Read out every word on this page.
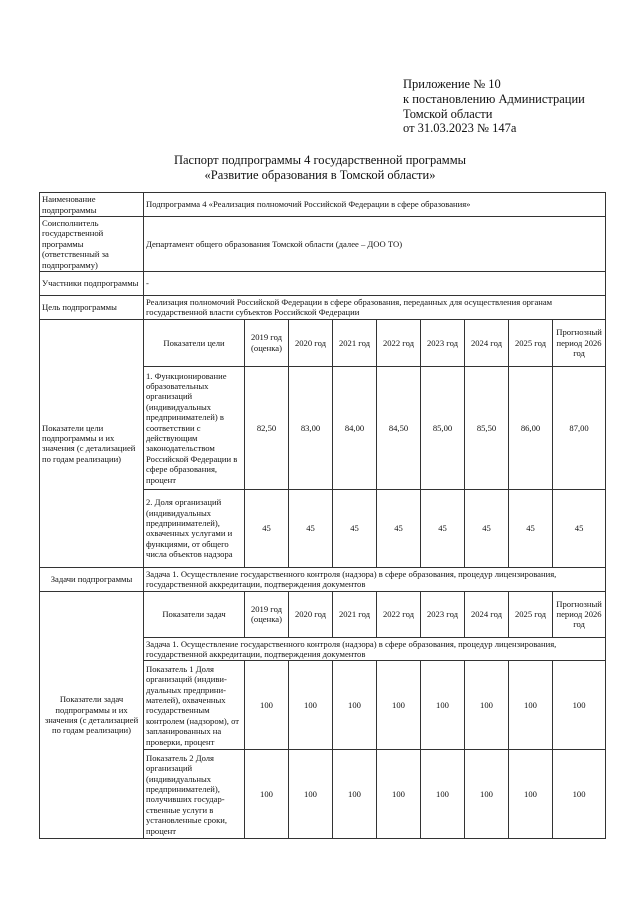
Приложение № 10
к постановлению Администрации
Томской области
от 31.03.2023 № 147а
Паспорт подпрограммы 4 государственной программы
«Развитие образования в Томской области»
Наименование подпрограммы	Подпрограмма 4 «Реализация полномочий Российской Федерации в сфере образования»								
Соисполнитель государственной программы (ответственный за подпрограмму)	Департамент общего образования Томской области (далее – ДОО ТО)								
Участники подпрограммы	-								
Цель подпрограммы	Реализация полномочий Российской Федерации в сфере образования, переданных для осуществления органам государственной власти субъектов Российской Федерации								
Показатели цели подпрограммы и их значения (с детализацией по годам реализации)	Показатели цели	2019 год (оценка)	2020 год	2021 год	2022 год	2023 год	2024 год	2025 год	Прогнозный период 2026 год
	1. Функционирование образовательных организаций (индивидуальных предпринимателей) в соответствии с действующим законодательством Российской Федерации в сфере образования, процент	82,50	83,00	84,00	84,50	85,00	85,50	86,00	87,00
	2. Доля организаций (индивидуальных предпринимателей), охваченных услугами и функциями, от общего числа объектов надзора	45	45	45	45	45	45	45	45
Задачи подпрограммы	Задача 1. Осуществление государственного контроля (надзора) в сфере образования, процедур лицензирования, государственной аккредитации, подтверждения документов								
Показатели задач подпрограммы и их значения (с детализацией по годам реализации)	Показатели задач	2019 год (оценка)	2020 год	2021 год	2022 год	2023 год	2024 год	2025 год	Прогнозный период 2026 год
	Задача 1. Осуществление государственного контроля (надзора) в сфере образования, процедур лицензирования, государственной аккредитации, подтверждения документов								
	Показатель 1 Доля организаций (индивидуальных предпринимателей), охваченных государственным контролем (надзором), от запланированных на проверки, процент	100	100	100	100	100	100	100	100
	Показатель 2 Доля организаций (индивидуальных предпринимателей), получивших государственные услуги в установленные сроки, процент	100	100	100	100	100	100	100	100
